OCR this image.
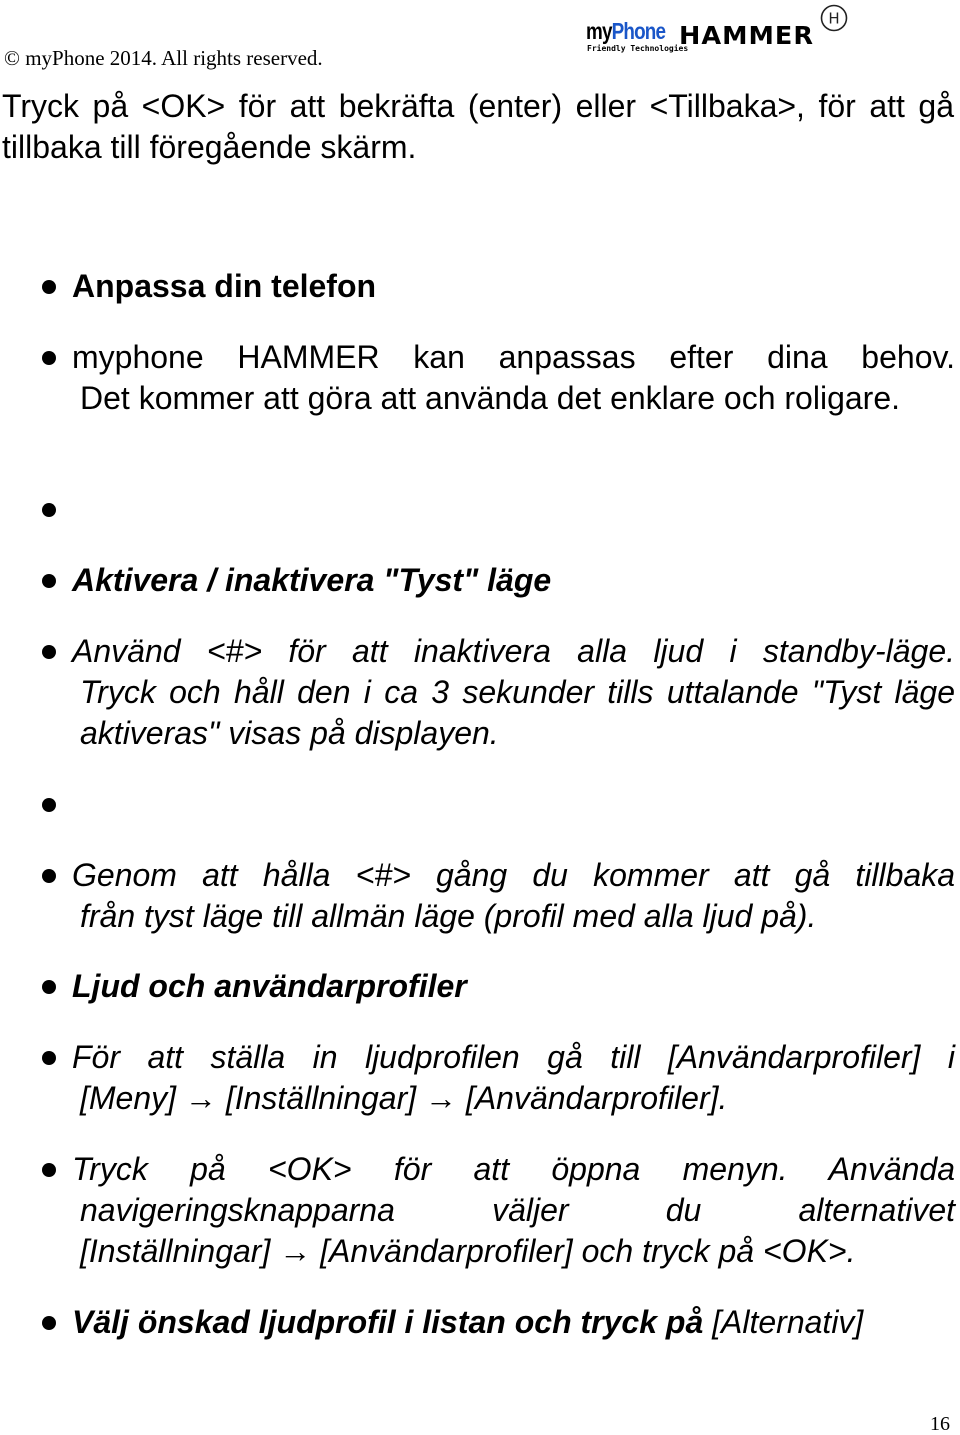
© myPhone 2014. All rights reserved.
myPhone
Friendly Technologies
HAMMER
H
Tryck på <OK> för att bekräfta (enter) eller <Tillbaka>, för att gå tillbaka till föregående skärm.
Anpassa din telefon
myphone HAMMER kan anpassas efter dina behov.
Det kommer att göra att använda det enklare och roligare.
Aktivera / inaktivera "Tyst" läge
Använd <#> för att inaktivera alla ljud i standby-läge.
Tryck och håll den i ca 3 sekunder tills uttalande "Tyst läge aktiveras" visas på displayen.
Genom att hålla <#> gång du kommer att gå tillbaka
från tyst läge till allmän läge (profil med alla ljud på).
Ljud och användarprofiler
För att ställa in ljudprofilen gå till [Användarprofiler] i
[Meny] → [Inställningar] → [Användarprofiler].
Tryck på <OK> för att öppna menyn. Använda
navigeringsknapparna väljer du alternativet
[Inställningar] → [Användarprofiler] och tryck på <OK>.
Välj önskad ljudprofil i listan och tryck på [Alternativ]
16
